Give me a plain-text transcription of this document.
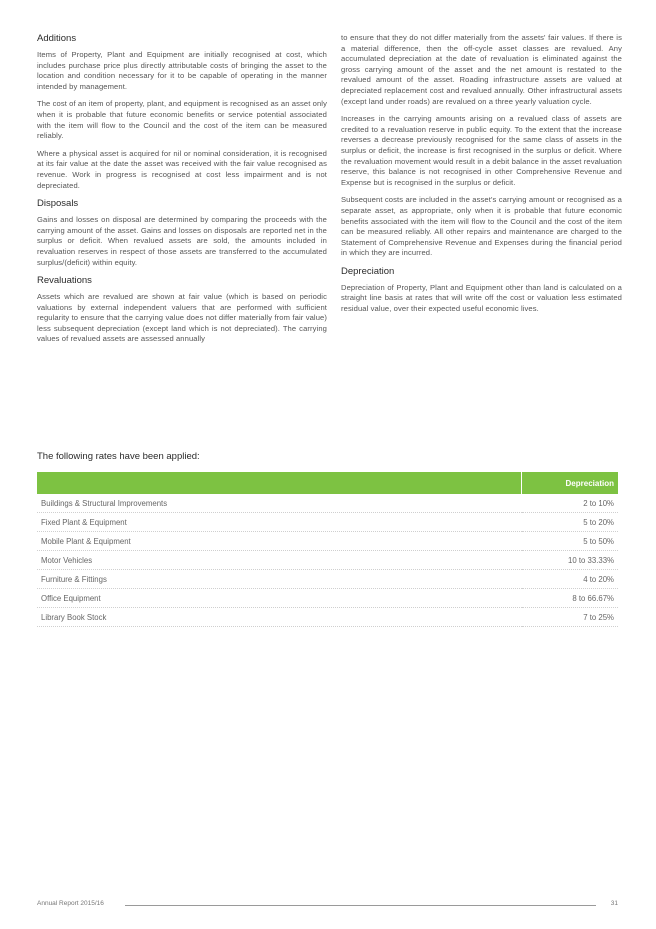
Additions

Items of Property, Plant and Equipment are initially recognised at cost, which includes purchase price plus directly attributable costs of bringing the asset to the location and condition necessary for it to be capable of operating in the manner intended by management.

The cost of an item of property, plant, and equipment is recognised as an asset only when it is probable that future economic benefits or service potential associated with the item will flow to the Council and the cost of the item can be measured reliably.

Where a physical asset is acquired for nil or nominal consideration, it is recognised at its fair value at the date the asset was received with the fair value recognised as revenue. Work in progress is recognised at cost less impairment and is not depreciated.

Disposals

Gains and losses on disposal are determined by comparing the proceeds with the carrying amount of the asset. Gains and losses on disposals are reported net in the surplus or deficit. When revalued assets are sold, the amounts included in revaluation reserves in respect of those assets are transferred to the accumulated surplus/(deficit) within equity.

Revaluations

Assets which are revalued are shown at fair value (which is based on periodic valuations by external independent valuers that are performed with sufficient regularity to ensure that the carrying value does not differ materially from fair value) less subsequent depreciation (except land which is not depreciated). The carrying values of revalued assets are assessed annually

to ensure that they do not differ materially from the assets' fair values. If there is a material difference, then the off-cycle asset classes are revalued. Any accumulated depreciation at the date of revaluation is eliminated against the gross carrying amount of the asset and the net amount is restated to the revalued amount of the asset. Roading infrastructure assets are valued at depreciated replacement cost and revalued annually. Other infrastructural assets (except land under roads) are revalued on a three yearly valuation cycle.

Increases in the carrying amounts arising on a revalued class of assets are credited to a revaluation reserve in public equity. To the extent that the increase reverses a decrease previously recognised for the same class of assets in the surplus or deficit, the increase is first recognised in the surplus or deficit. Where the revaluation movement would result in a debit balance in the asset revaluation reserve, this balance is not recognised in other Comprehensive Revenue and Expense but is recognised in the surplus or deficit.

Subsequent costs are included in the asset's carrying amount or recognised as a separate asset, as appropriate, only when it is probable that future economic benefits associated with the item will flow to the Council and the cost of the item can be measured reliably. All other repairs and maintenance are charged to the Statement of Comprehensive Revenue and Expenses during the financial period in which they are incurred.

Depreciation

Depreciation of Property, Plant and Equipment other than land is calculated on a straight line basis at rates that will write off the cost or valuation less estimated residual value, over their expected useful economic lives.

The following rates have been applied:
	Depreciation
Buildings & Structural Improvements	2 to 10%
Fixed Plant & Equipment	5 to 20%
Mobile Plant & Equipment	5 to 50%
Motor Vehicles	10 to 33.33%
Furniture & Fittings	4 to 20%
Office Equipment	8 to 66.67%
Library Book Stock	7 to 25%
Annual Report 2015/16	31
